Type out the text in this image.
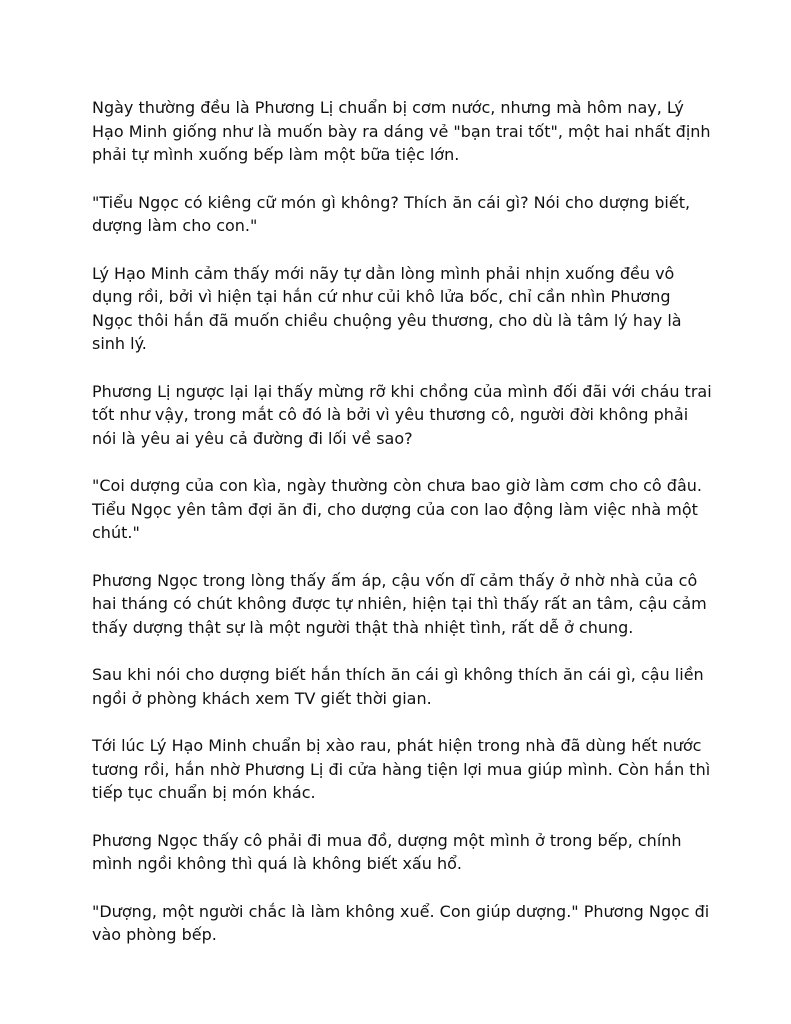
Ngày thường đều là Phương Lị chuẩn bị cơm nước, nhưng mà hôm nay, Lý
Hạo Minh giống như là muốn bày ra dáng vẻ "bạn trai tốt", một hai nhất định
phải tự mình xuống bếp làm một bữa tiệc lớn.

"Tiểu Ngọc có kiêng cữ món gì không? Thích ăn cái gì? Nói cho dượng biết,
dượng làm cho con."

Lý Hạo Minh cảm thấy mới nãy tự dằn lòng mình phải nhịn xuống đều vô
dụng rồi, bởi vì hiện tại hắn cứ như củi khô lửa bốc, chỉ cần nhìn Phương
Ngọc thôi hắn đã muốn chiều chuộng yêu thương, cho dù là tâm lý hay là
sinh lý.

Phương Lị ngược lại lại thấy mừng rỡ khi chồng của mình đối đãi với cháu trai
tốt như vậy, trong mắt cô đó là bởi vì yêu thương cô, người đời không phải
nói là yêu ai yêu cả đường đi lối về sao?

"Coi dượng của con kìa, ngày thường còn chưa bao giờ làm cơm cho cô đâu.
Tiểu Ngọc yên tâm đợi ăn đi, cho dượng của con lao động làm việc nhà một
chút."

Phương Ngọc trong lòng thấy ấm áp, cậu vốn dĩ cảm thấy ở nhờ nhà của cô
hai tháng có chút không được tự nhiên, hiện tại thì thấy rất an tâm, cậu cảm
thấy dượng thật sự là một người thật thà nhiệt tình, rất dễ ở chung.

Sau khi nói cho dượng biết hắn thích ăn cái gì không thích ăn cái gì, cậu liền
ngồi ở phòng khách xem TV giết thời gian.

Tới lúc Lý Hạo Minh chuẩn bị xào rau, phát hiện trong nhà đã dùng hết nước
tương rồi, hắn nhờ Phương Lị đi cửa hàng tiện lợi mua giúp mình. Còn hắn thì
tiếp tục chuẩn bị món khác.

Phương Ngọc thấy cô phải đi mua đồ, dượng một mình ở trong bếp, chính
mình ngồi không thì quá là không biết xấu hổ.

"Dượng, một người chắc là làm không xuể. Con giúp dượng." Phương Ngọc đi
vào phòng bếp.
